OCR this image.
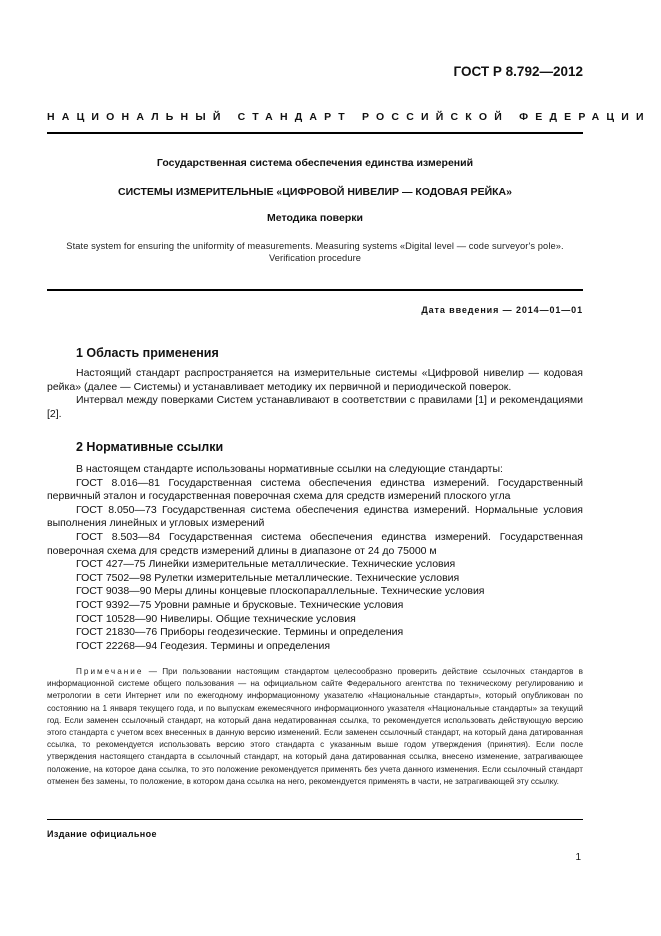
ГОСТ Р 8.792—2012
НАЦИОНАЛЬНЫЙ СТАНДАРТ РОССИЙСКОЙ ФЕДЕРАЦИИ
Государственная система обеспечения единства измерений
СИСТЕМЫ ИЗМЕРИТЕЛЬНЫЕ «ЦИФРОВОЙ НИВЕЛИР — КОДОВАЯ РЕЙКА»
Методика поверки
State system for ensuring the uniformity of measurements. Measuring systems «Digital level — code surveyor's pole».
Verification procedure
Дата введения — 2014—01—01
1 Область применения

Настоящий стандарт распространяется на измерительные системы «Цифровой нивелир — кодовая рейка» (далее — Системы) и устанавливает методику их первичной и периодической поверок.

Интервал между поверками Систем устанавливают в соответствии с правилами [1] и рекомендациями [2].

2 Нормативные ссылки

В настоящем стандарте использованы нормативные ссылки на следующие стандарты:

ГОСТ 8.016—81 Государственная система обеспечения единства измерений. Государственный первичный эталон и государственная поверочная схема для средств измерений плоского угла

ГОСТ 8.050—73 Государственная система обеспечения единства измерений. Нормальные условия выполнения линейных и угловых измерений

ГОСТ 8.503—84 Государственная система обеспечения единства измерений. Государственная поверочная схема для средств измерений длины в диапазоне от 24 до 75000 м

ГОСТ 427—75 Линейки измерительные металлические. Технические условия

ГОСТ 7502—98 Рулетки измерительные металлические. Технические условия

ГОСТ 9038—90 Меры длины концевые плоскопараллельные. Технические условия

ГОСТ 9392—75 Уровни рамные и брусковые. Технические условия

ГОСТ 10528—90 Нивелиры. Общие технические условия

ГОСТ 21830—76 Приборы геодезические. Термины и определения

ГОСТ 22268—94 Геодезия. Термины и определения

Примечание — При пользовании настоящим стандартом целесообразно проверить действие ссылочных стандартов в информационной системе общего пользования — на официальном сайте Федерального агентства по техническому регулированию и метрологии в сети Интернет или по ежегодному информационному указателю «Национальные стандарты», который опубликован по состоянию на 1 января текущего года, и по выпускам ежемесячного информационного указателя «Национальные стандарты» за текущий год. Если заменен ссылочный стандарт, на который дана недатированная ссылка, то рекомендуется использовать действующую версию этого стандарта с учетом всех внесенных в данную версию изменений. Если заменен ссылочный стандарт, на который дана датированная ссылка, то рекомендуется использовать версию этого стандарта с указанным выше годом утверждения (принятия). Если после утверждения настоящего стандарта в ссылочный стандарт, на который дана датированная ссылка, внесено изменение, затрагивающее положение, на которое дана ссылка, то это положение рекомендуется применять без учета данного изменения. Если ссылочный стандарт отменен без замены, то положение, в котором дана ссылка на него, рекомендуется применять в части, не затрагивающей эту ссылку.
Издание официальное
1
